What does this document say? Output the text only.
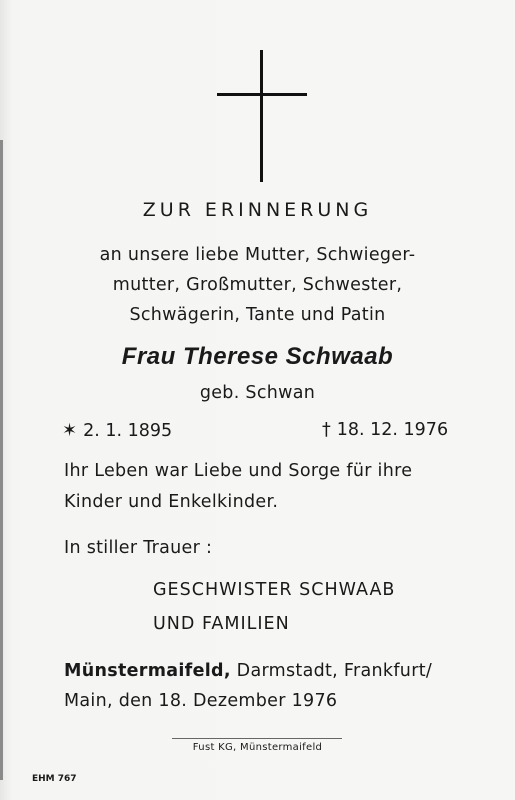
ZUR ERINNERUNG
an unsere liebe Mutter, Schwieger-
mutter, Großmutter, Schwester,
Schwägerin, Tante und Patin
Frau Therese Schwaab
geb. Schwan
✶ 2. 1. 1895	† 18. 12. 1976
Ihr Leben war Liebe und Sorge für ihre
Kinder und Enkelkinder.
In stiller Trauer :
GESCHWISTER SCHWAAB
UND FAMILIEN
Münstermaifeld, Darmstadt, Frankfurt/
Main, den 18. Dezember 1976
Fust KG, Münstermaifeld
EHM 767
